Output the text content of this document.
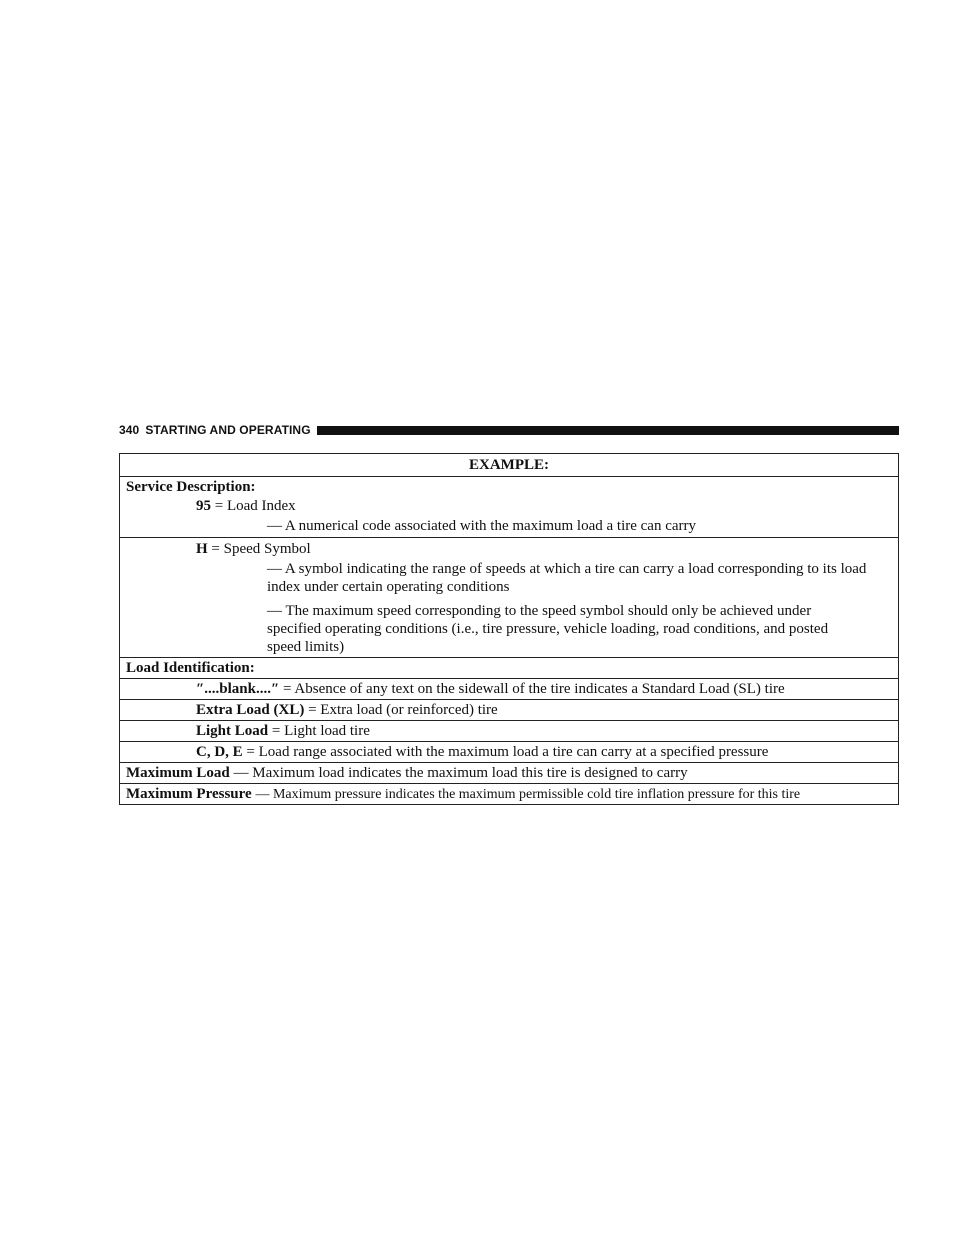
340 STARTING AND OPERATING
EXAMPLE:
Service Description:
95 = Load Index
— A numerical code associated with the maximum load a tire can carry
H = Speed Symbol
— A symbol indicating the range of speeds at which a tire can carry a load corresponding to its load index under certain operating conditions
— The maximum speed corresponding to the speed symbol should only be achieved under specified operating conditions (i.e., tire pressure, vehicle loading, road conditions, and posted speed limits)
Load Identification:
″....blank....″ = Absence of any text on the sidewall of the tire indicates a Standard Load (SL) tire
Extra Load (XL) = Extra load (or reinforced) tire
Light Load = Light load tire
C, D, E = Load range associated with the maximum load a tire can carry at a specified pressure
Maximum Load — Maximum load indicates the maximum load this tire is designed to carry
Maximum Pressure — Maximum pressure indicates the maximum permissible cold tire inflation pressure for this tire
